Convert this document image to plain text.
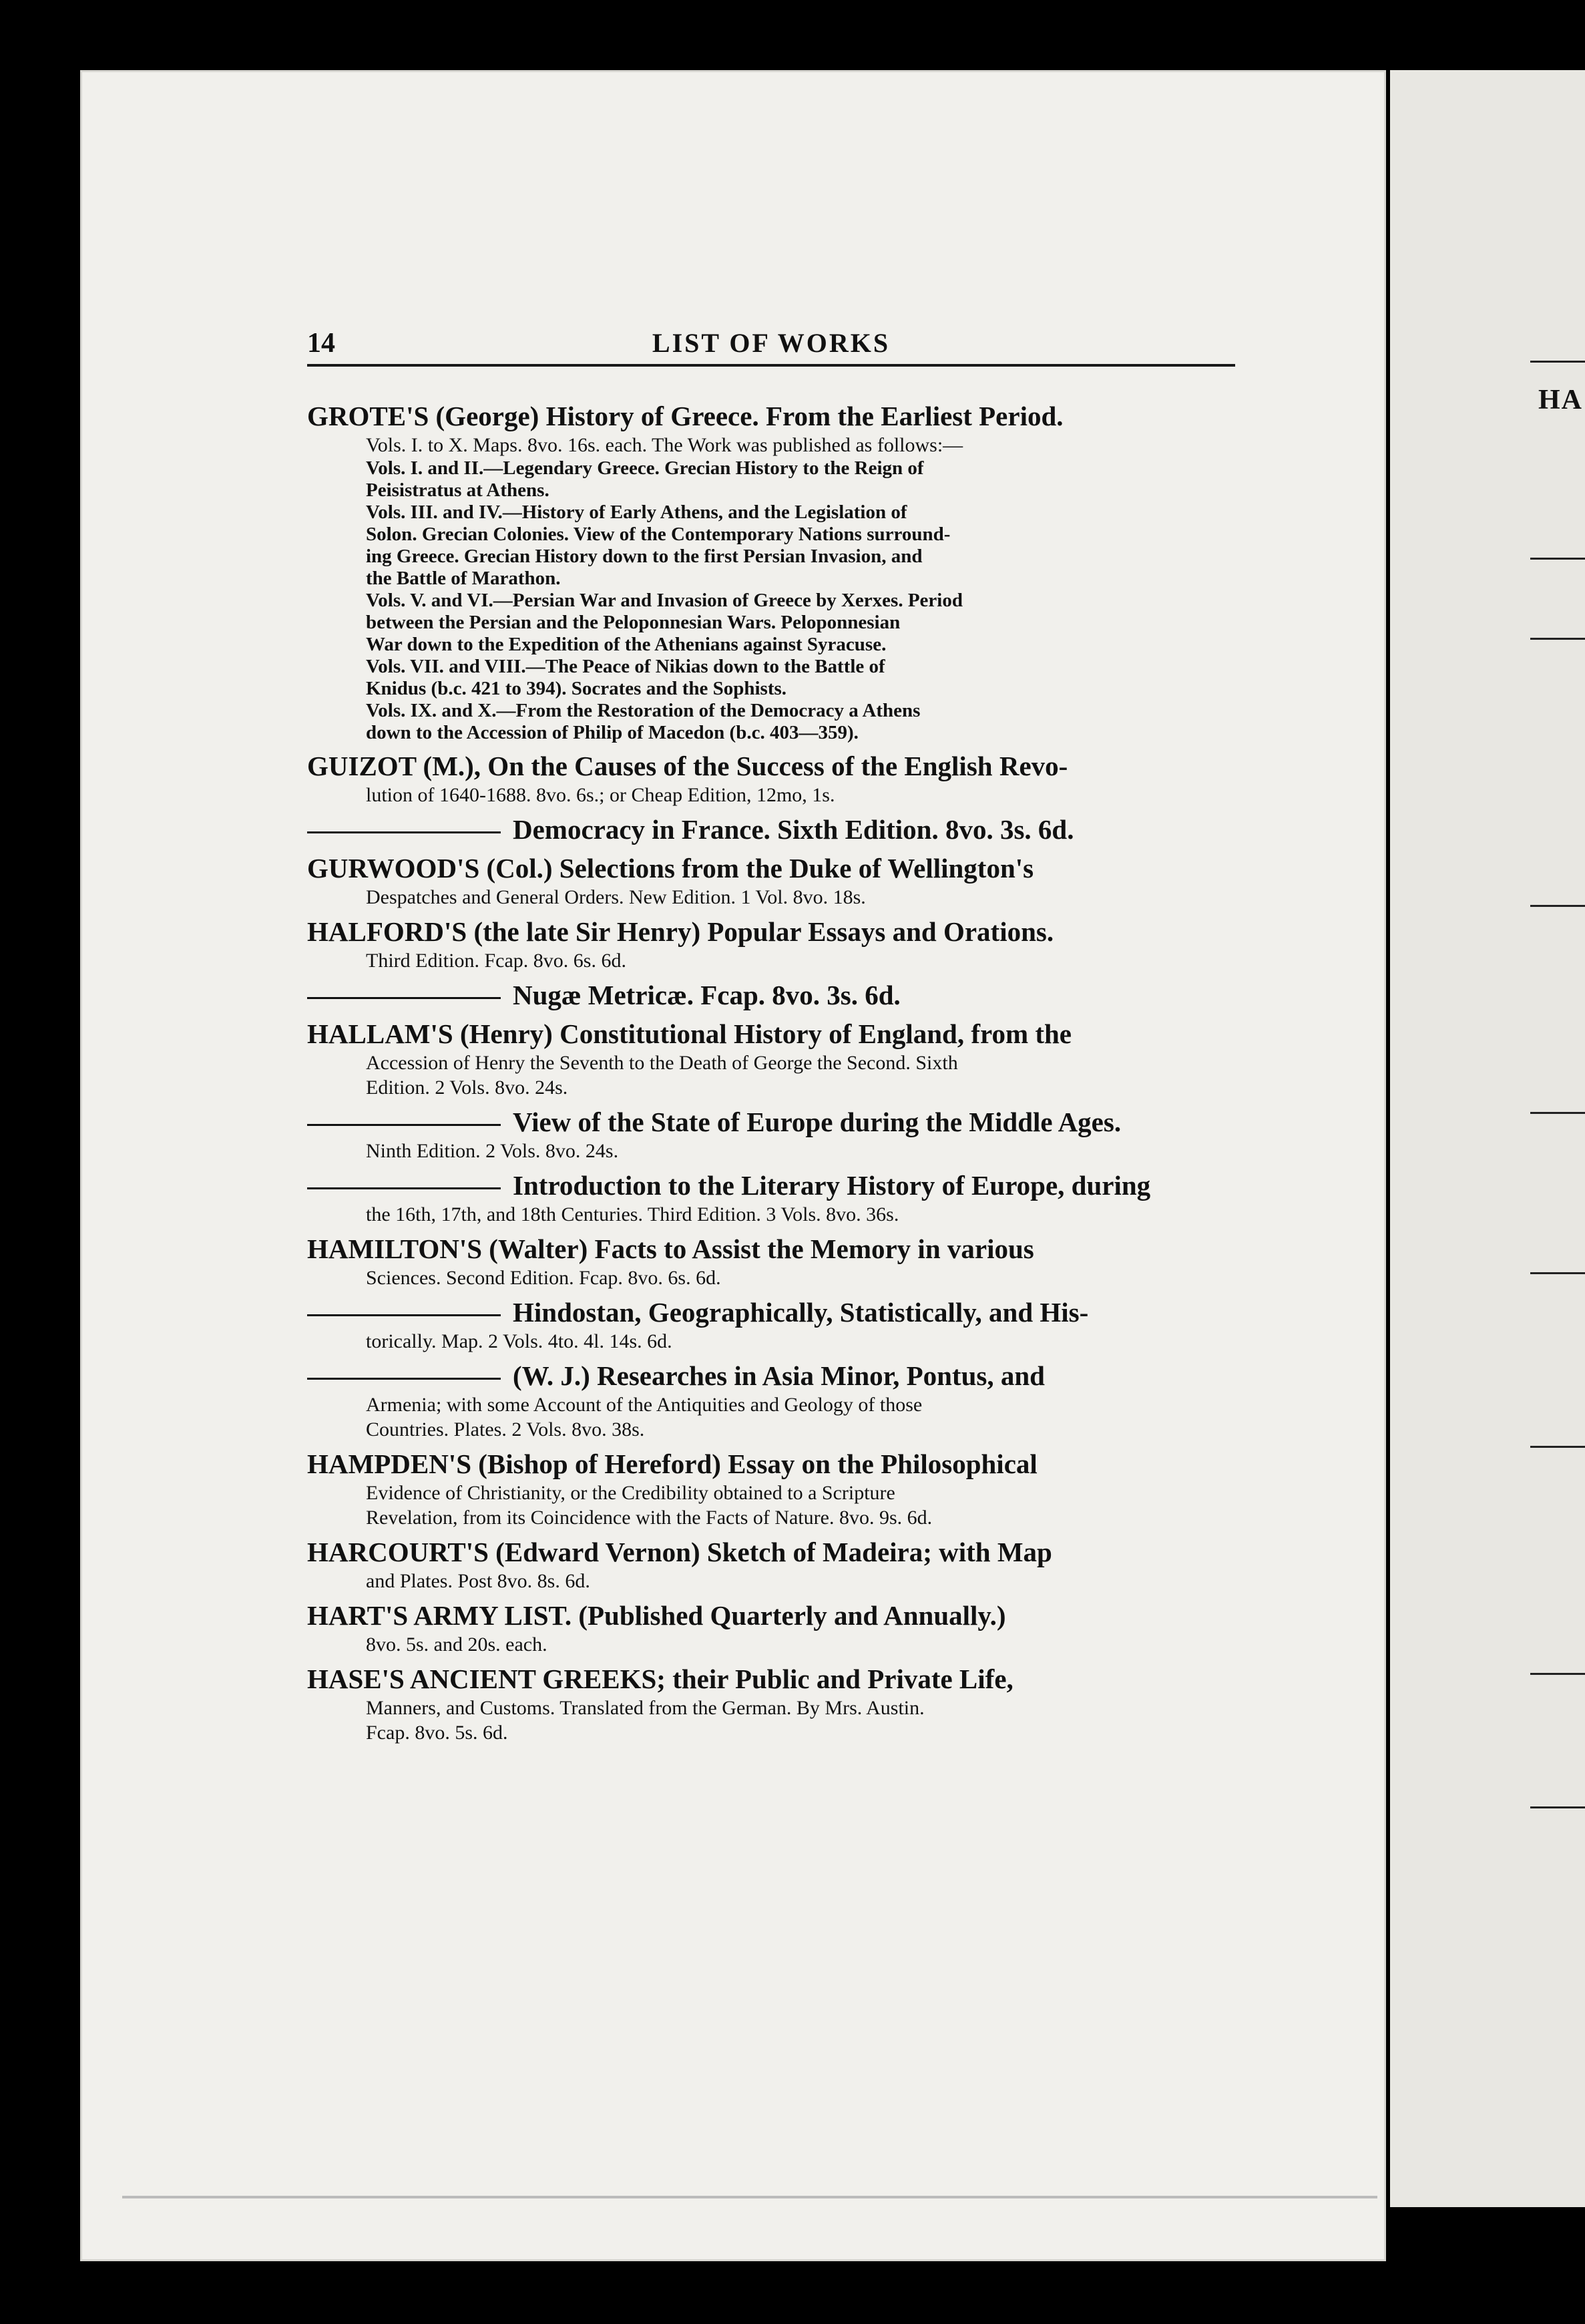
HA
14	LIST OF WORKS
GROTE'S (George) History of Greece. From the Earliest Period.
Vols. I. to X. Maps. 8vo. 16s. each. The Work was published as follows:—
Vols. I. and II.—Legendary Greece. Grecian History to the Reign of
Peisistratus at Athens.
Vols. III. and IV.—History of Early Athens, and the Legislation of
Solon. Grecian Colonies. View of the Contemporary Nations surround-
ing Greece. Grecian History down to the first Persian Invasion, and
the Battle of Marathon.
Vols. V. and VI.—Persian War and Invasion of Greece by Xerxes. Period
between the Persian and the Peloponnesian Wars. Peloponnesian
War down to the Expedition of the Athenians against Syracuse.
Vols. VII. and VIII.—The Peace of Nikias down to the Battle of
Knidus (b.c. 421 to 394). Socrates and the Sophists.
Vols. IX. and X.—From the Restoration of the Democracy a Athens
down to the Accession of Philip of Macedon (b.c. 403—359).
GUIZOT (M.), On the Causes of the Success of the English Revo-
lution of 1640-1688. 8vo. 6s.; or Cheap Edition, 12mo, 1s.
Democracy in France. Sixth Edition. 8vo. 3s. 6d.
GURWOOD'S (Col.) Selections from the Duke of Wellington's
Despatches and General Orders. New Edition. 1 Vol. 8vo. 18s.
HALFORD'S (the late Sir Henry) Popular Essays and Orations.
Third Edition. Fcap. 8vo. 6s. 6d.
Nugæ Metricæ. Fcap. 8vo. 3s. 6d.
HALLAM'S (Henry) Constitutional History of England, from the
Accession of Henry the Seventh to the Death of George the Second. Sixth
Edition. 2 Vols. 8vo. 24s.
View of the State of Europe during the Middle Ages.
Ninth Edition. 2 Vols. 8vo. 24s.
Introduction to the Literary History of Europe, during
the 16th, 17th, and 18th Centuries. Third Edition. 3 Vols. 8vo. 36s.
HAMILTON'S (Walter) Facts to Assist the Memory in various
Sciences. Second Edition. Fcap. 8vo. 6s. 6d.
Hindostan, Geographically, Statistically, and His-
torically. Map. 2 Vols. 4to. 4l. 14s. 6d.
(W. J.) Researches in Asia Minor, Pontus, and
Armenia; with some Account of the Antiquities and Geology of those
Countries. Plates. 2 Vols. 8vo. 38s.
HAMPDEN'S (Bishop of Hereford) Essay on the Philosophical
Evidence of Christianity, or the Credibility obtained to a Scripture
Revelation, from its Coincidence with the Facts of Nature. 8vo. 9s. 6d.
HARCOURT'S (Edward Vernon) Sketch of Madeira; with Map
and Plates. Post 8vo. 8s. 6d.
HART'S ARMY LIST. (Published Quarterly and Annually.)
8vo. 5s. and 20s. each.
HASE'S ANCIENT GREEKS; their Public and Private Life,
Manners, and Customs. Translated from the German. By Mrs. Austin.
Fcap. 8vo. 5s. 6d.
